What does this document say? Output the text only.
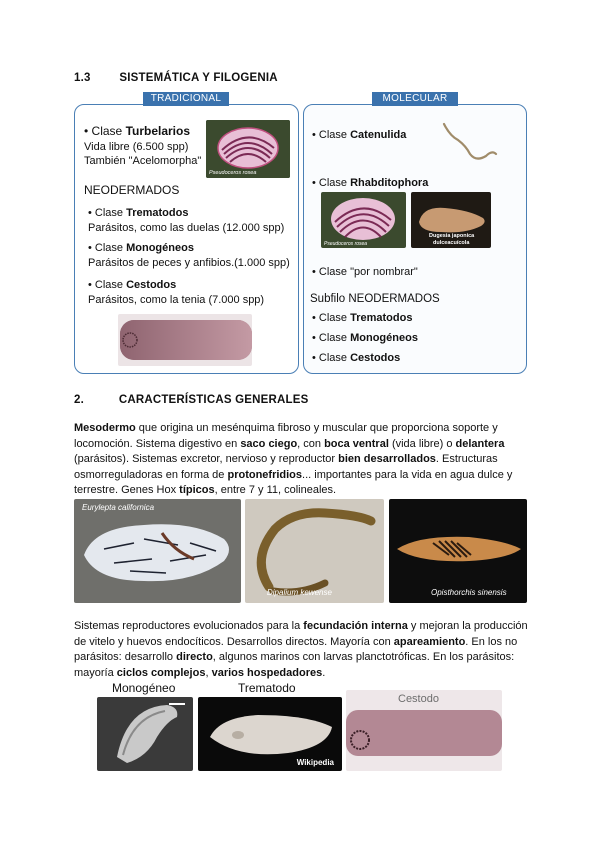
1.3	SISTEMÁTICA Y FILOGENIA
TRADICIONAL
• Clase Turbelarios
Vida libre (6.500 spp)
También "Acelomorpha"
Pseudoceros rosea
NEODERMADOS
• Clase Trematodos
Parásitos, como las duelas (12.000 spp)
• Clase Monogéneos
Parásitos de peces y anfibios.(1.000 spp)
• Clase Cestodos
Parásitos, como la tenia (7.000 spp)
MOLECULAR
• Clase Catenulida
• Clase Rhabditophora
Pseudoceros rosea
Dugesia japonica
dulceacuícola
• Clase "por nombrar"
Subfilo NEODERMADOS
• Clase Trematodos
• Clase Monogéneos
• Clase Cestodos
2.	CARACTERÍSTICAS GENERALES

Mesodermo que origina un mesénquima fibroso y muscular que proporciona soporte y locomoción. Sistema digestivo en saco ciego, con boca ventral (vida libre) o delantera (parásitos). Sistemas excretor, nervioso y reproductor bien desarrollados. Estructuras osmorreguladoras en forma de protonefridios... importantes para la vida en agua dulce y terrestre. Genes Hox típicos, entre 7 y 11, colineales.

Eurylepta californica
Dipalium kewense	Opisthorchis sinensis

Sistemas reproductores evolucionados para la fecundación interna y mejoran la producción de vitelo y huevos endocíticos. Desarrollos directos. Mayoría con apareamiento. En los no parásitos: desarrollo directo, algunos marinos con larvas planctotróficas. En los parásitos: mayoría ciclos complejos, varios hospedadores.

Monogéneo	Trematodo
Wikipedia
Cestodo
